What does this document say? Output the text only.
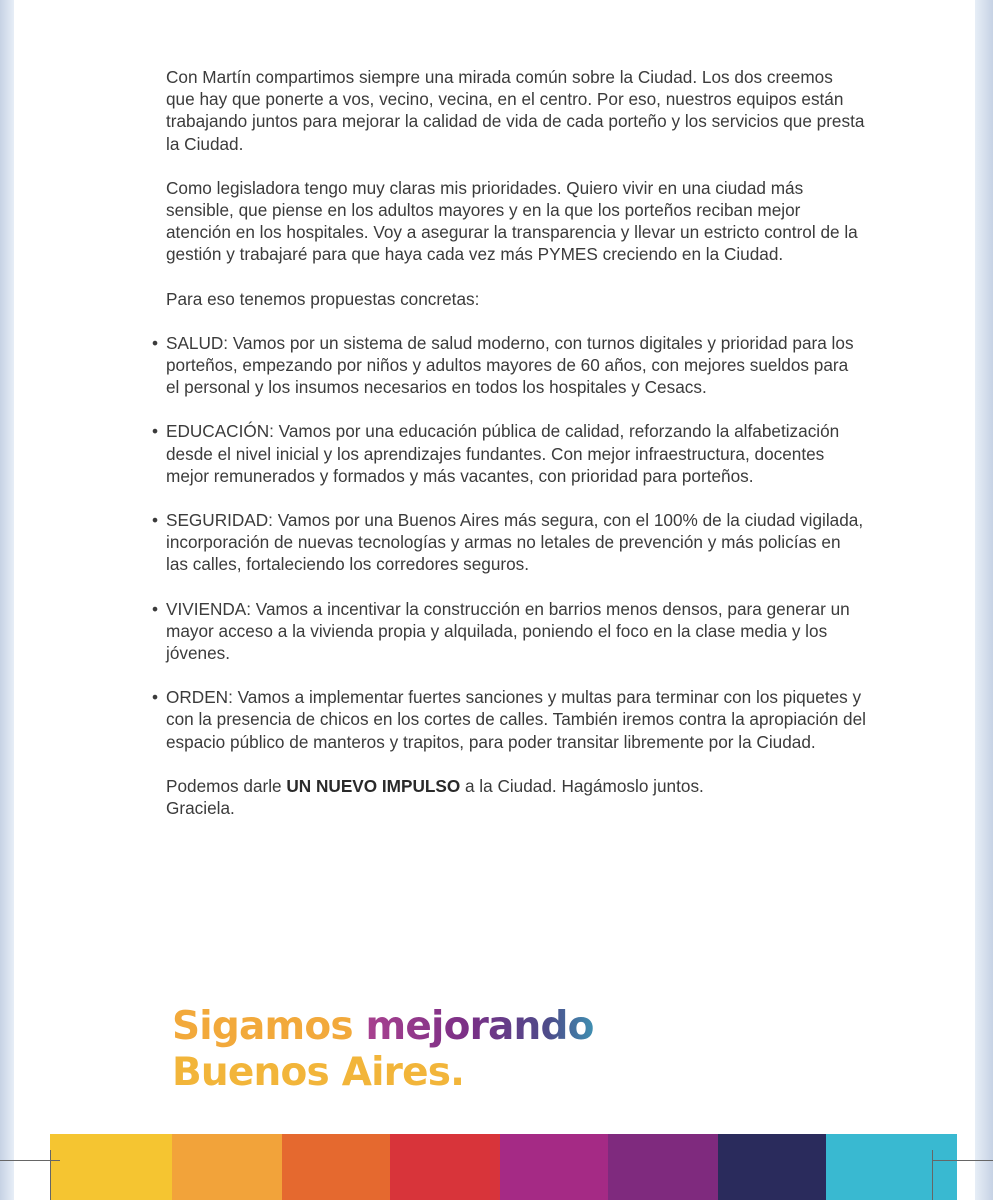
Con Martín compartimos siempre una mirada común sobre la Ciudad. Los dos creemos que hay que ponerte a vos, vecino, vecina, en el centro. Por eso, nuestros equipos están trabajando juntos para mejorar la calidad de vida de cada porteño y los servicios que presta la Ciudad.

Como legisladora tengo muy claras mis prioridades. Quiero vivir en una ciudad más sensible, que piense en los adultos mayores y en la que los porteños reciban mejor atención en los hospitales. Voy a asegurar la transparencia y llevar un estricto control de la gestión y trabajaré para que haya cada vez más PYMES creciendo en la Ciudad.

Para eso tenemos propuestas concretas:

• SALUD: Vamos por un sistema de salud moderno, con turnos digitales y prioridad para los porteños, empezando por niños y adultos mayores de 60 años, con mejores sueldos para el personal y los insumos necesarios en todos los hospitales y Cesacs.
• EDUCACIÓN: Vamos por una educación pública de calidad, reforzando la alfabetización desde el nivel inicial y los aprendizajes fundantes. Con mejor infraestructura, docentes mejor remunerados y formados y más vacantes, con prioridad para porteños.
• SEGURIDAD: Vamos por una Buenos Aires más segura, con el 100% de la ciudad vigilada, incorporación de nuevas tecnologías y armas no letales de prevención y más policías en las calles, fortaleciendo los corredores seguros.
• VIVIENDA: Vamos a incentivar la construcción en barrios menos densos, para generar un mayor acceso a la vivienda propia y alquilada, poniendo el foco en la clase media y los jóvenes.
• ORDEN: Vamos a implementar fuertes sanciones y multas para terminar con los piquetes y con la presencia de chicos en los cortes de calles. También iremos contra la apropiación del espacio público de manteros y trapitos, para poder transitar libremente por la Ciudad.

Podemos darle UN NUEVO IMPULSO a la Ciudad. Hagámoslo juntos.

Graciela.

Sigamos mejorando
Buenos Aires.
